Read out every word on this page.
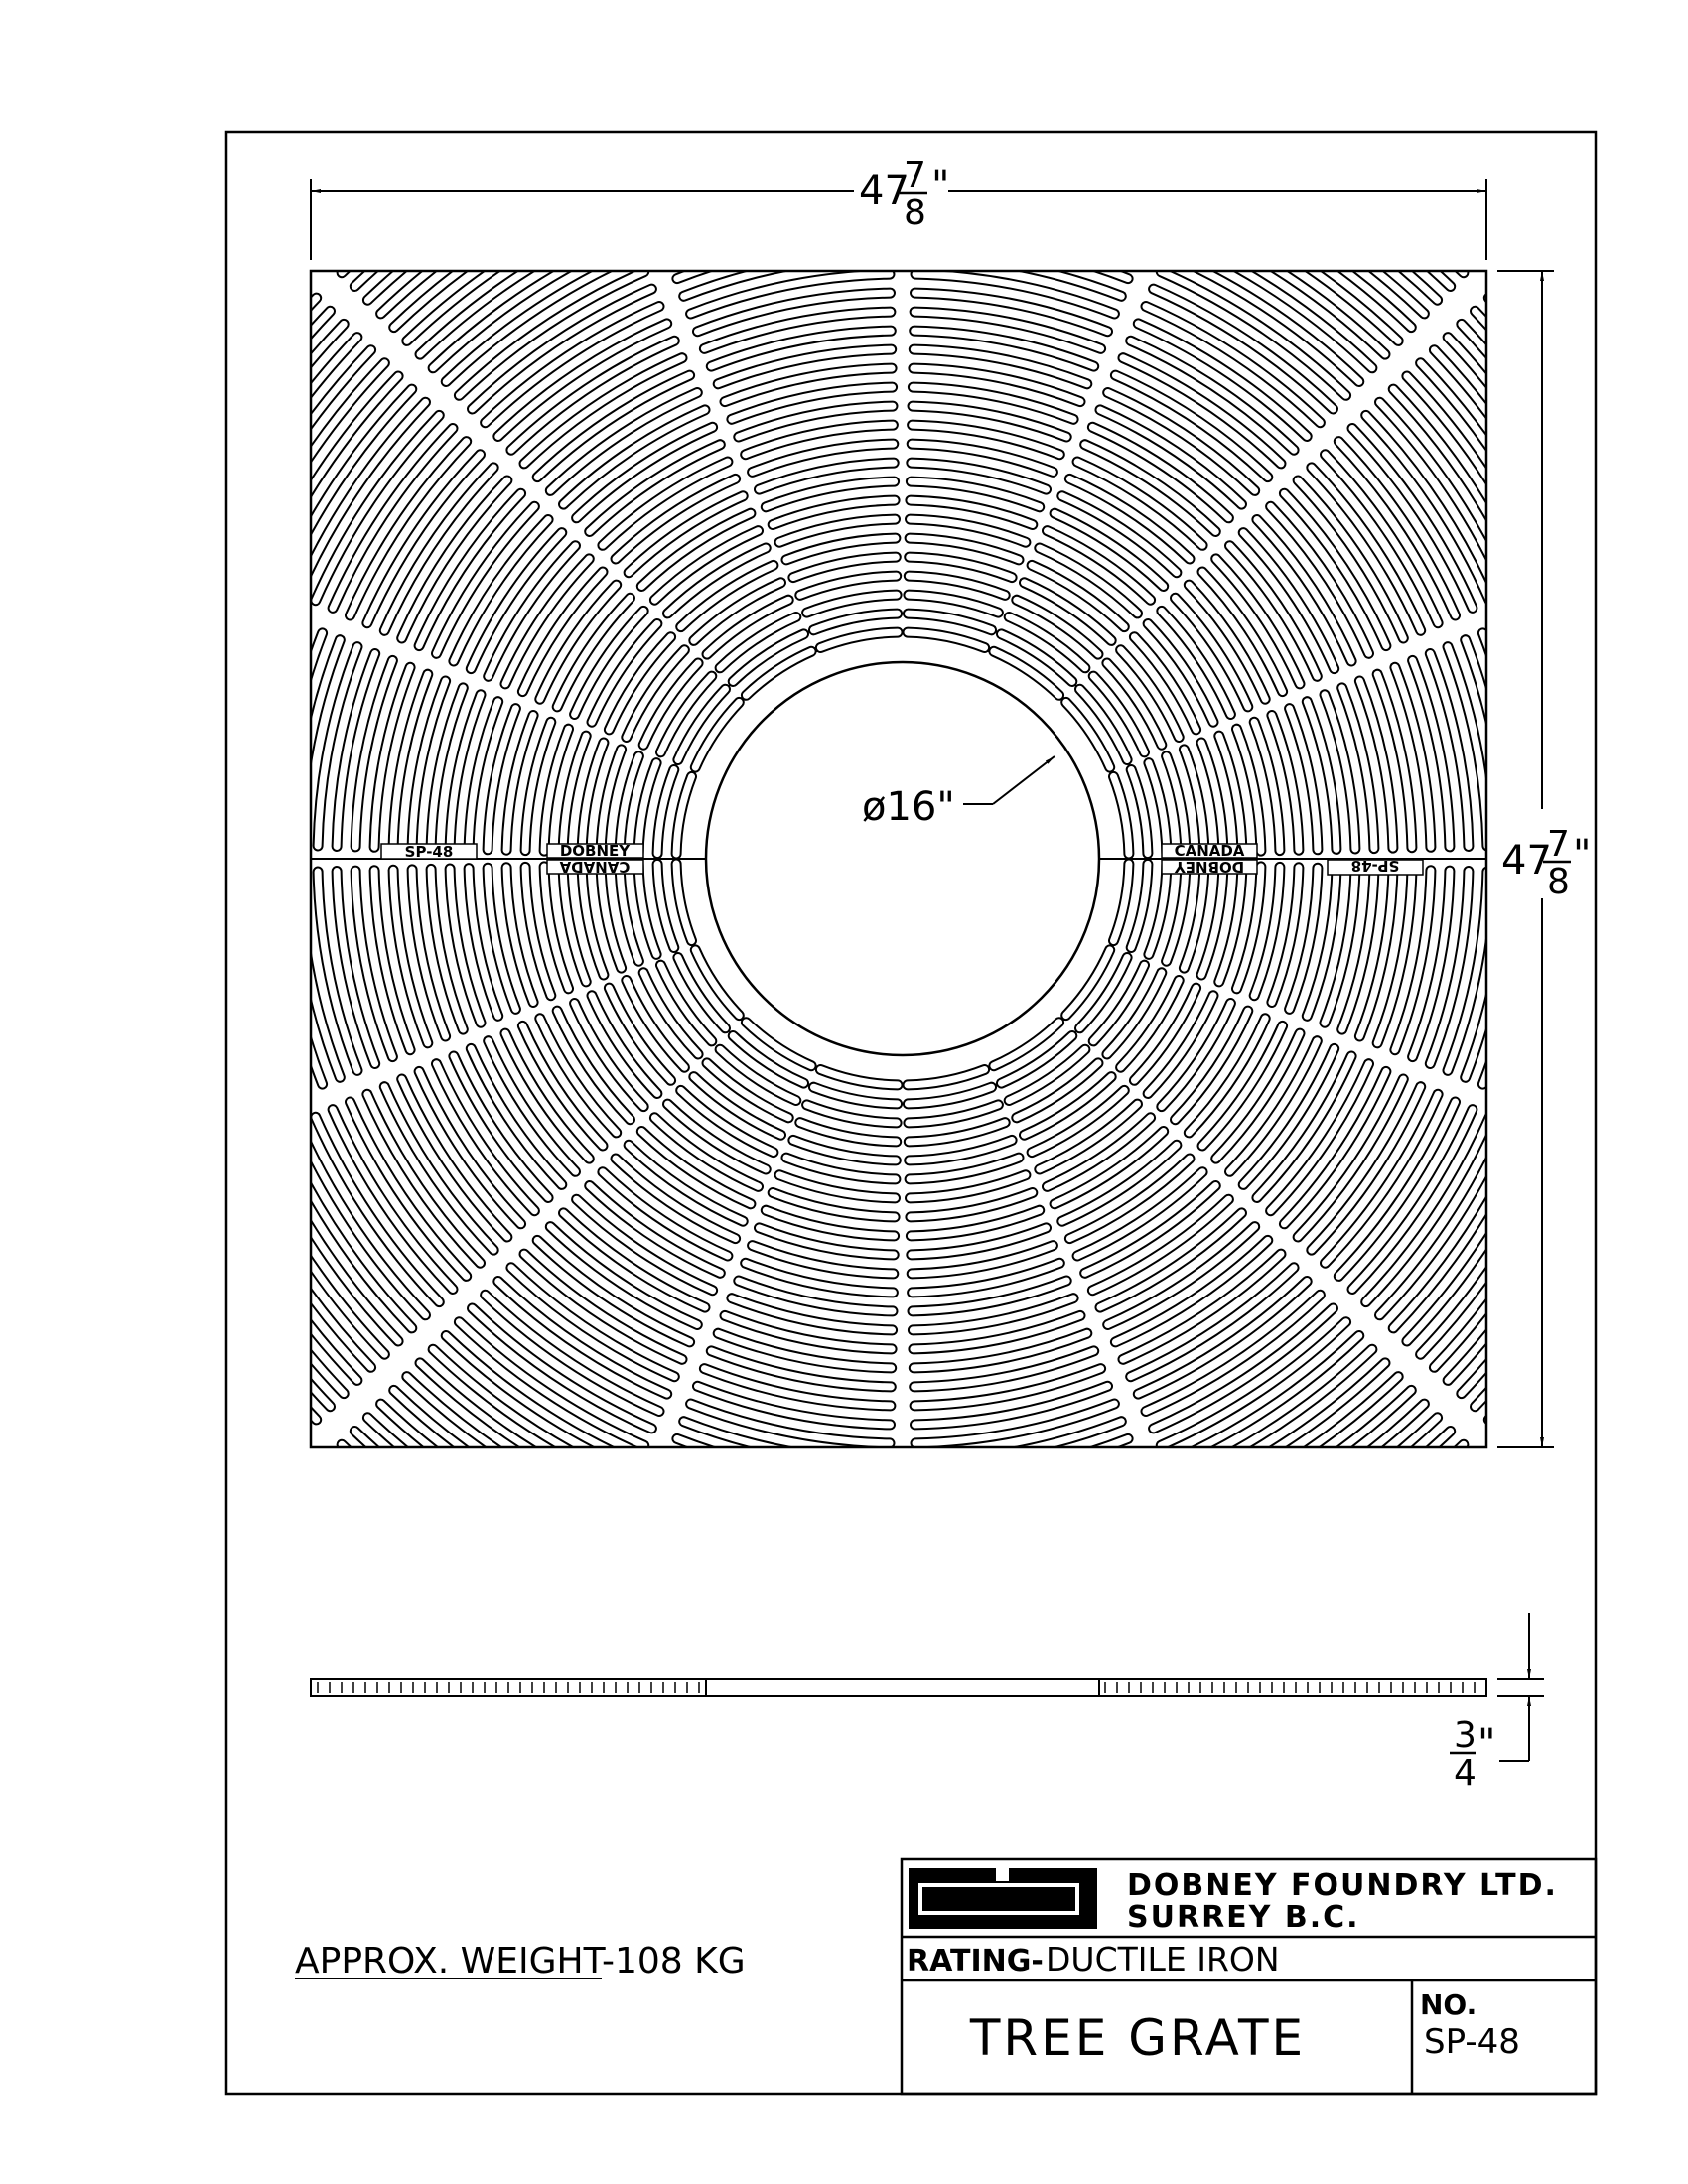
47
7
8
"
47
7
8
"
SP-48	DOBNEY
CANADA
CANADA
DOBNEY	SP-48
ø16"
3
4
"
APPROX. WEIGHT
-108 KG
DOBNEY	DOBNEY FOUNDRY LTD.
SURREY B.C.
RATING- DUCTILE IRON
TREE GRATE
NO.
SP-48
